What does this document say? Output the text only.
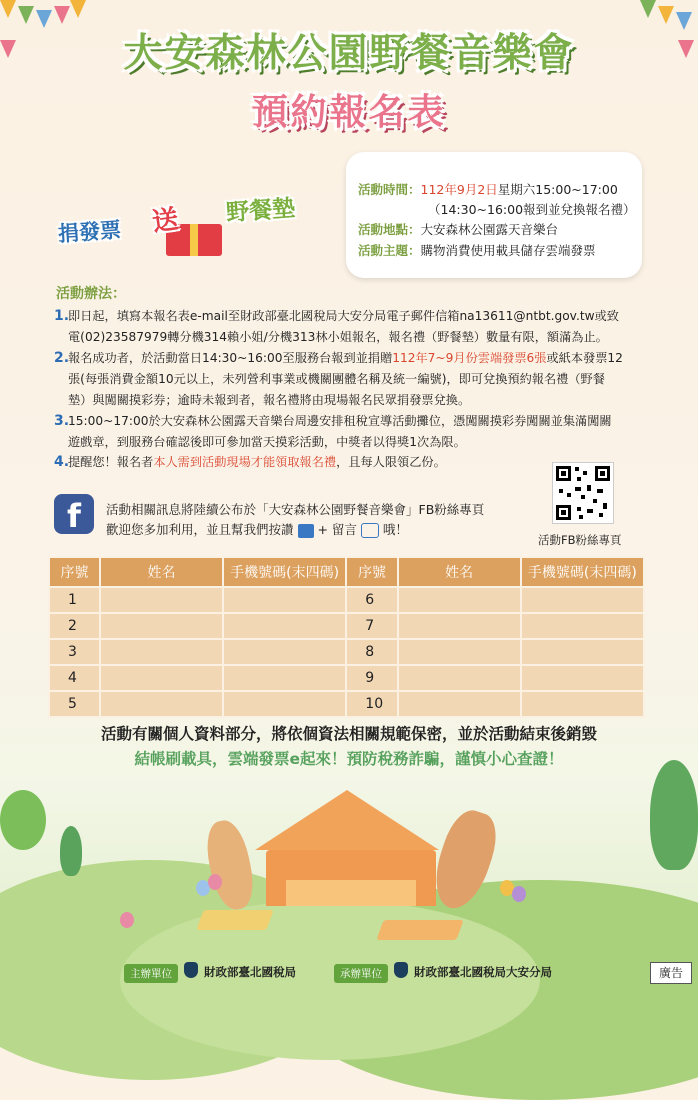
大安森林公園野餐音樂會
預約報名表
捐發票 送 野餐墊
活動時間：112年9月2日星期六15:00~17:00
（14:30~16:00報到並兌換報名禮）
活動地點：大安森林公園露天音樂台
活動主題：購物消費使用載具儲存雲端發票
活動辦法：
1.
即日起，填寫本報名表e-mail至財政部臺北國稅局大安分局電子郵件信箱na13611@ntbt.gov.tw或致
電(02)23587979轉分機314賴小姐/分機313林小姐報名，報名禮（野餐墊）數量有限，額滿為止。
2.
報名成功者，於活動當日14:30~16:00至服務台報到並捐贈112年7~9月份雲端發票6張或紙本發票12
張(每張消費金額10元以上，未列營利事業或機關團體名稱及統一編號)，即可兌換預約報名禮（野餐
墊）與闖關摸彩券；逾時未報到者，報名禮將由現場報名民眾捐發票兌換。
3.
15:00~17:00於大安森林公園露天音樂台周邊安排租稅宣導活動攤位，憑闖關摸彩券闖關並集滿闖關
遊戲章，到服務台確認後即可參加當天摸彩活動，中獎者以得獎1次為限。
4.
提醒您！報名者本人需到活動現場才能領取報名禮，且每人限領乙份。
f	活動相關訊息將陸續公布於「大安森林公園野餐音樂會」FB粉絲專頁
歡迎您多加利用，並且幫我們按讚 + 留言 哦！
活動FB粉絲專頁
序號	姓名	手機號碼(末四碼)	序號	姓名	手機號碼(末四碼)
1			6		
2			7		
3			8		
4			9		
5			10		
活動有關個人資料部分，將依個資法相關規範保密，並於活動結束後銷毀
結帳刷載具，雲端發票e起來！預防稅務詐騙，謹慎小心查證！
主辦單位	財政部臺北國稅局	承辦單位	財政部臺北國稅局大安分局	廣告
